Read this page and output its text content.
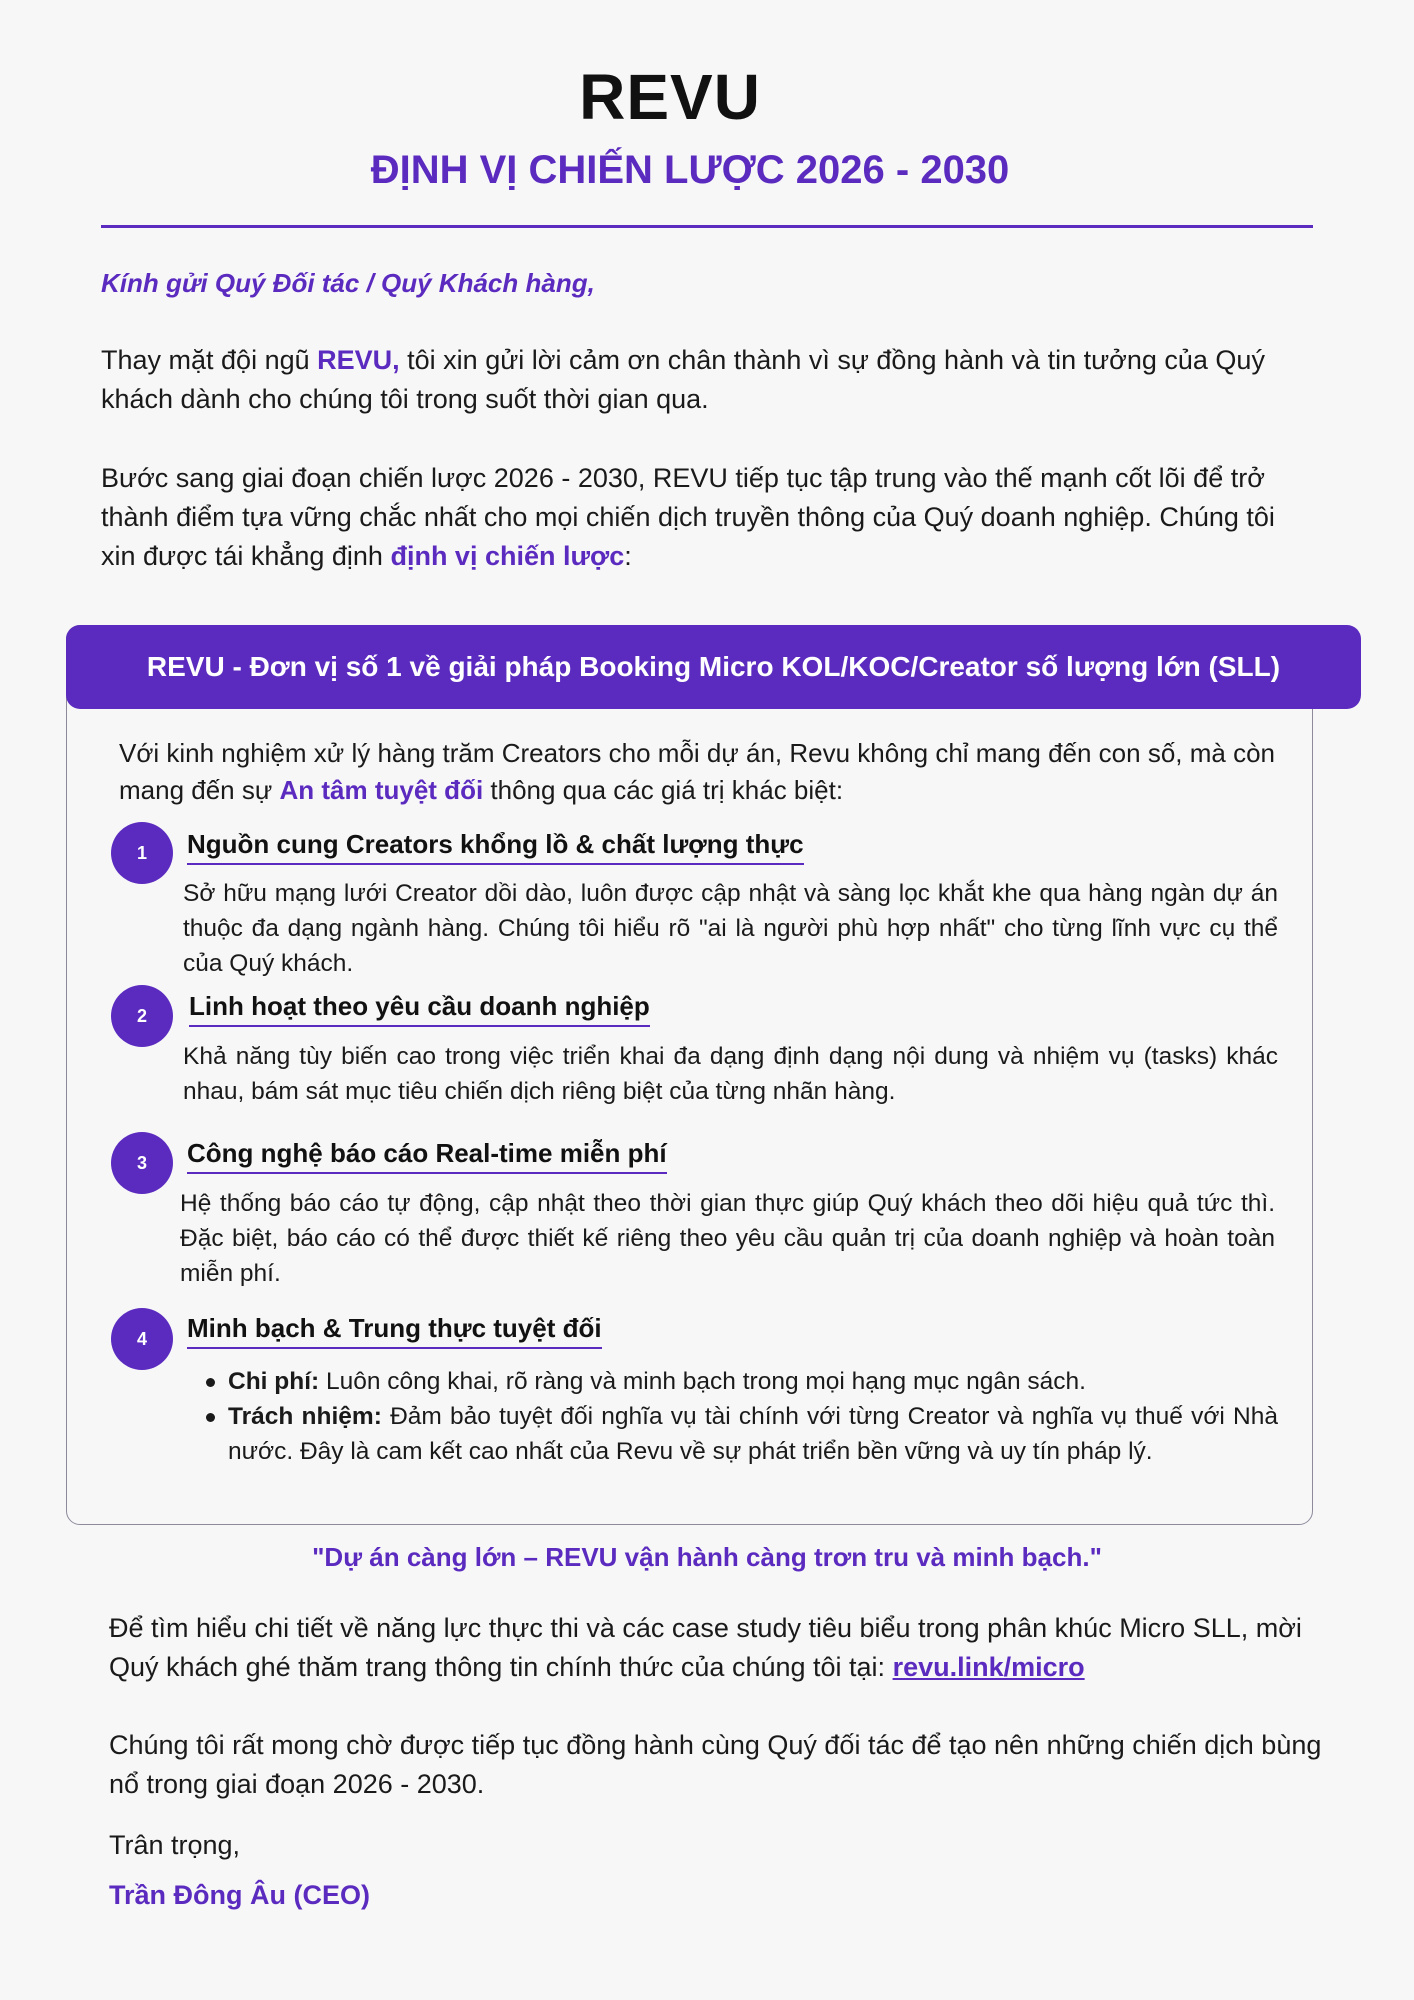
REVU
ĐỊNH VỊ CHIẾN LƯỢC 2026 - 2030
Kính gửi Quý Đối tác / Quý Khách hàng,

Thay mặt đội ngũ REVU, tôi xin gửi lời cảm ơn chân thành vì sự đồng hành và tin tưởng của Quý khách dành cho chúng tôi trong suốt thời gian qua.

Bước sang giai đoạn chiến lược 2026 - 2030, REVU tiếp tục tập trung vào thế mạnh cốt lõi để trở thành điểm tựa vững chắc nhất cho mọi chiến dịch truyền thông của Quý doanh nghiệp. Chúng tôi xin được tái khẳng định định vị chiến lược:

REVU - Đơn vị số 1 về giải pháp Booking Micro KOL/KOC/Creator số lượng lớn (SLL)

Với kinh nghiệm xử lý hàng trăm Creators cho mỗi dự án, Revu không chỉ mang đến con số, mà còn mang đến sự An tâm tuyệt đối thông qua các giá trị khác biệt:

1	Nguồn cung Creators khổng lồ & chất lượng thực

Sở hữu mạng lưới Creator dồi dào, luôn được cập nhật và sàng lọc khắt khe qua hàng ngàn dự án thuộc đa dạng ngành hàng. Chúng tôi hiểu rõ "ai là người phù hợp nhất" cho từng lĩnh vực cụ thể của Quý khách.

2	Linh hoạt theo yêu cầu doanh nghiệp

Khả năng tùy biến cao trong việc triển khai đa dạng định dạng nội dung và nhiệm vụ (tasks) khác nhau, bám sát mục tiêu chiến dịch riêng biệt của từng nhãn hàng.

3	Công nghệ báo cáo Real-time miễn phí

Hệ thống báo cáo tự động, cập nhật theo thời gian thực giúp Quý khách theo dõi hiệu quả tức thì. Đặc biệt, báo cáo có thể được thiết kế riêng theo yêu cầu quản trị của doanh nghiệp và hoàn toàn miễn phí.

4	Minh bạch & Trung thực tuyệt đối
Chi phí: Luôn công khai, rõ ràng và minh bạch trong mọi hạng mục ngân sách.
Trách nhiệm: Đảm bảo tuyệt đối nghĩa vụ tài chính với từng Creator và nghĩa vụ thuế với Nhà nước. Đây là cam kết cao nhất của Revu về sự phát triển bền vững và uy tín pháp lý.
"Dự án càng lớn – REVU vận hành càng trơn tru và minh bạch."

Để tìm hiểu chi tiết về năng lực thực thi và các case study tiêu biểu trong phân khúc Micro SLL, mời Quý khách ghé thăm trang thông tin chính thức của chúng tôi tại: revu.link/micro

Chúng tôi rất mong chờ được tiếp tục đồng hành cùng Quý đối tác để tạo nên những chiến dịch bùng nổ trong giai đoạn 2026 - 2030.

Trân trọng,
Trần Đông Âu (CEO)
